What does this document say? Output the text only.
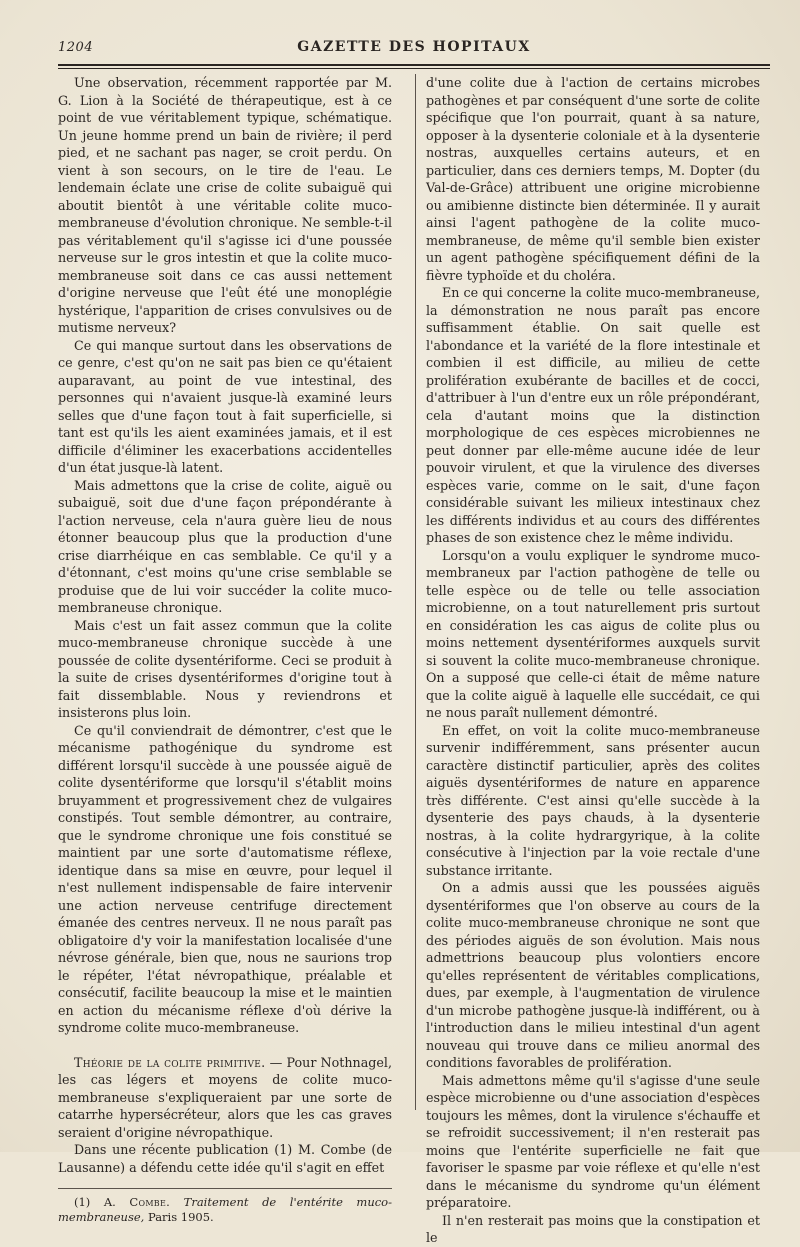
1204	GAZETTE DES HOPITAUX

Une observation, récemment rapportée par M. G. Lion à la Société de thérapeutique, est à ce point de vue véritablement typique, schématique. Un jeune homme prend un bain de rivière; il perd pied, et ne sachant pas nager, se croit perdu. On vient à son secours, on le tire de l'eau. Le lendemain éclate une crise de colite subaiguë qui aboutit bientôt à une véritable colite muco-membraneuse d'évolution chronique. Ne semble-t-il pas véritablement qu'il s'agisse ici d'une poussée nerveuse sur le gros intestin et que la colite muco-membraneuse soit dans ce cas aussi nettement d'origine nerveuse que l'eût été une monoplégie hystérique, l'apparition de crises convulsives ou de mutisme nerveux?

Ce qui manque surtout dans les observations de ce genre, c'est qu'on ne sait pas bien ce qu'étaient auparavant, au point de vue intestinal, des personnes qui n'avaient jusque-là examiné leurs selles que d'une façon tout à fait superficielle, si tant est qu'ils les aient examinées jamais, et il est difficile d'éliminer les exacerbations accidentelles d'un état jusque-là latent.

Mais admettons que la crise de colite, aiguë ou subaiguë, soit due d'une façon prépondérante à l'action nerveuse, cela n'aura guère lieu de nous étonner beaucoup plus que la production d'une crise diarrhéique en cas semblable. Ce qu'il y a d'étonnant, c'est moins qu'une crise semblable se produise que de lui voir succéder la colite muco-membraneuse chronique.

Mais c'est un fait assez commun que la colite muco-membraneuse chronique succède à une poussée de colite dysentériforme. Ceci se produit à la suite de crises dysentériformes d'origine tout à fait dissemblable. Nous y reviendrons et insisterons plus loin.

Ce qu'il conviendrait de démontrer, c'est que le mécanisme pathogénique du syndrome est différent lorsqu'il succède à une poussée aiguë de colite dysentériforme que lorsqu'il s'établit moins bruyamment et progressivement chez de vulgaires constipés. Tout semble démontrer, au contraire, que le syndrome chronique une fois constitué se maintient par une sorte d'automatisme réflexe, identique dans sa mise en œuvre, pour lequel il n'est nullement indispensable de faire intervenir une action nerveuse centrifuge directement émanée des centres nerveux. Il ne nous paraît pas obligatoire d'y voir la manifestation localisée d'une névrose générale, bien que, nous ne saurions trop le répéter, l'état névropathique, préalable et consécutif, facilite beaucoup la mise et le maintien en action du mécanisme réflexe d'où dérive la syndrome colite muco-membraneuse.

Théorie de la colite primitive. — Pour Nothnagel, les cas légers et moyens de colite muco-membraneuse s'expliqueraient par une sorte de catarrhe hypersécréteur, alors que les cas graves seraient d'origine névropathique.

Dans une récente publication (1) M. Combe (de Lausanne) a défendu cette idée qu'il s'agit en effet

(1) A. Combe. Traitement de l'entérite muco-membraneuse, Paris 1905.

d'une colite due à l'action de certains microbes pathogènes et par conséquent d'une sorte de colite spécifique que l'on pourrait, quant à sa nature, opposer à la dysenterie coloniale et à la dysenterie nostras, auxquelles certains auteurs, et en particulier, dans ces derniers temps, M. Dopter (du Val-de-Grâce) attribuent une origine microbienne ou amibienne distincte bien déterminée. Il y aurait ainsi l'agent pathogène de la colite muco-membraneuse, de même qu'il semble bien exister un agent pathogène spécifiquement défini de la fièvre typhoïde et du choléra.

En ce qui concerne la colite muco-membraneuse, la démonstration ne nous paraît pas encore suffisamment établie. On sait quelle est l'abondance et la variété de la flore intestinale et combien il est difficile, au milieu de cette prolifération exubérante de bacilles et de cocci, d'attribuer à l'un d'entre eux un rôle prépondérant, cela d'autant moins que la distinction morphologique de ces espèces microbiennes ne peut donner par elle-même aucune idée de leur pouvoir virulent, et que la virulence des diverses espèces varie, comme on le sait, d'une façon considérable suivant les milieux intestinaux chez les différents individus et au cours des différentes phases de son existence chez le même individu.

Lorsqu'on a voulu expliquer le syndrome muco-membraneux par l'action pathogène de telle ou telle espèce ou de telle ou telle association microbienne, on a tout naturellement pris surtout en considération les cas aigus de colite plus ou moins nettement dysentériformes auxquels survit si souvent la colite muco-membraneuse chronique. On a supposé que celle-ci était de même nature que la colite aiguë à laquelle elle succédait, ce qui ne nous paraît nullement démontré.

En effet, on voit la colite muco-membraneuse survenir indifféremment, sans présenter aucun caractère distinctif particulier, après des colites aiguës dysentériformes de nature en apparence très différente. C'est ainsi qu'elle succède à la dysenterie des pays chauds, à la dysenterie nostras, à la colite hydrargyrique, à la colite consécutive à l'injection par la voie rectale d'une substance irritante.

On a admis aussi que les poussées aiguës dysentériformes que l'on observe au cours de la colite muco-membraneuse chronique ne sont que des périodes aiguës de son évolution. Mais nous admettrions beaucoup plus volontiers encore qu'elles représentent de véritables complications, dues, par exemple, à l'augmentation de virulence d'un microbe pathogène jusque-là indifférent, ou à l'introduction dans le milieu intestinal d'un agent nouveau qui trouve dans ce milieu anormal des conditions favorables de prolifération.

Mais admettons même qu'il s'agisse d'une seule espèce microbienne ou d'une association d'espèces toujours les mêmes, dont la virulence s'échauffe et se refroidit successivement; il n'en resterait pas moins que l'entérite superficielle ne fait que favoriser le spasme par voie réflexe et qu'elle n'est dans le mécanisme du syndrome qu'un élément préparatoire.

Il n'en resterait pas moins que la constipation et le
